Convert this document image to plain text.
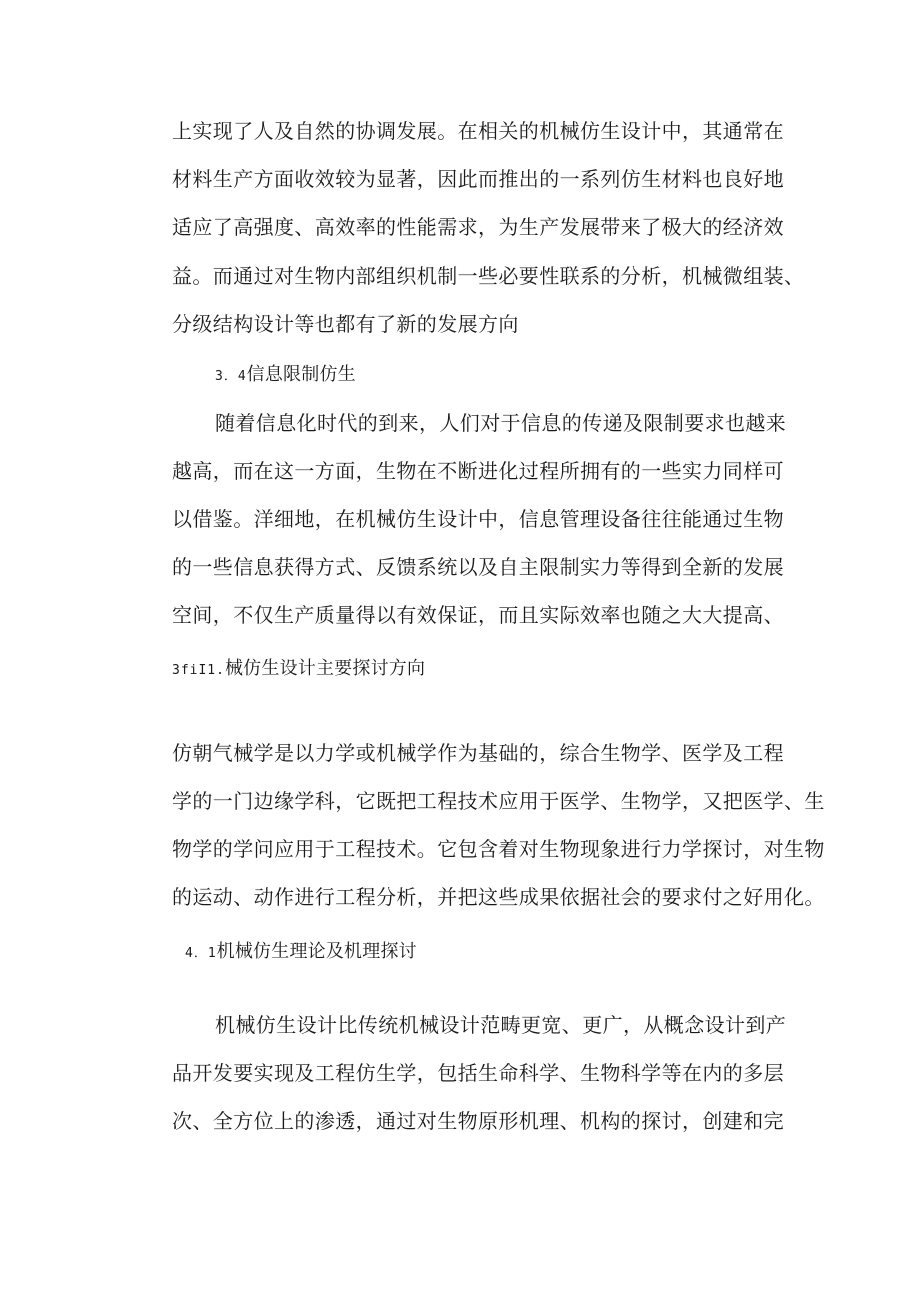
上实现了人及自然的协调发展。在相关的机械仿生设计中，其通常在
材料生产方面收效较为显著，因此而推出的一系列仿生材料也良好地
适应了高强度、高效率的性能需求，为生产发展带来了极大的经济效
益。而通过对生物内部组织机制一些必要性联系的分析，机械微组装、
分级结构设计等也都有了新的发展方向
3．4信息限制仿生
随着信息化时代的到来，人们对于信息的传递及限制要求也越来
越高，而在这一方面，生物在不断进化过程所拥有的一些实力同样可
以借鉴。洋细地，在机械仿生设计中，信息管理设备往往能通过生物
的一些信息获得方式、反馈系统以及自主限制实力等得到全新的发展
空间，不仅生产质量得以有效保证，而且实际效率也随之大大提高、
3fiI1.械仿生设计主要探讨方向
仿朝气械学是以力学或机械学作为基础的，综合生物学、医学及工程
学的一门边缘学科，它既把工程技术应用于医学、生物学，又把医学、生
物学的学问应用于工程技术。它包含着对生物现象进行力学探讨，对生物
的运动、动作进行工程分析，并把这些成果依据社会的要求付之好用化。
4．1机械仿生理论及机理探讨
机械仿生设计比传统机械设计范畴更宽、更广，从概念设计到产
品开发要实现及工程仿生学，包括生命科学、生物科学等在内的多层
次、全方位上的渗透，通过对生物原形机理、机构的探讨，创建和完
